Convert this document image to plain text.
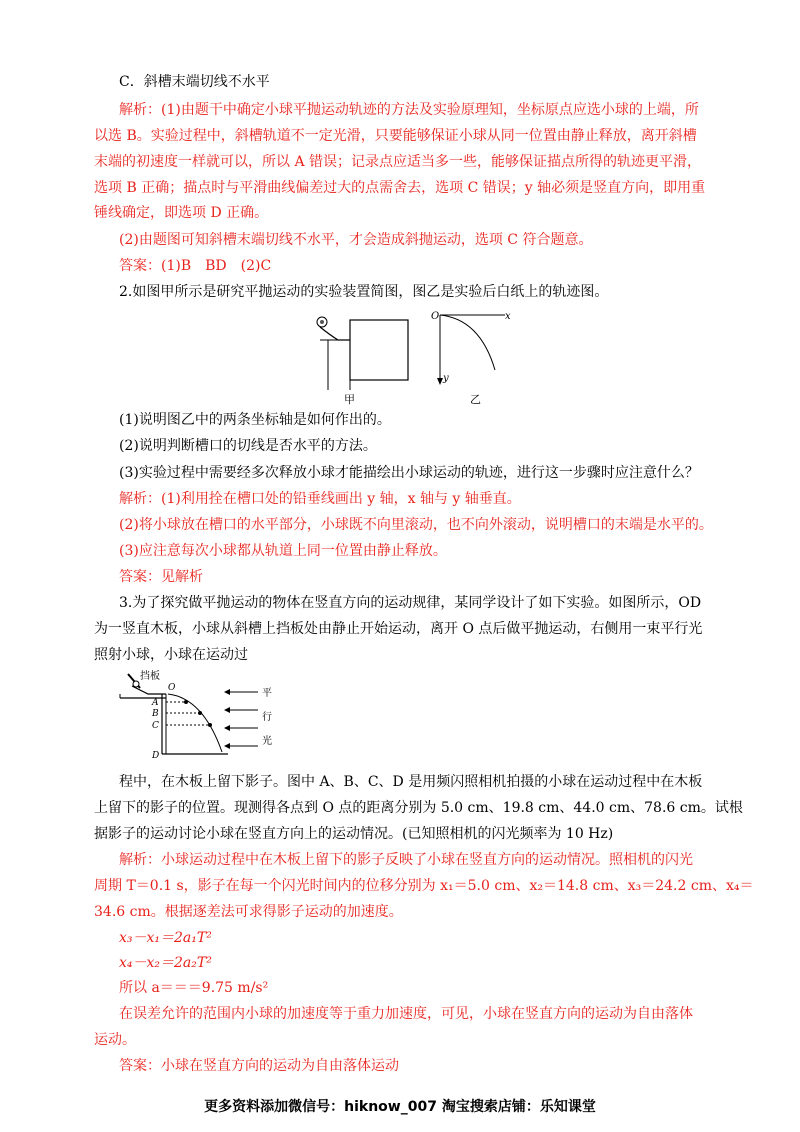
C．斜槽末端切线不水平
解析：(1)由题干中确定小球平抛运动轨迹的方法及实验原理知，坐标原点应选小球的上端，所
以选 B。实验过程中，斜槽轨道不一定光滑，只要能够保证小球从同一位置由静止释放，离开斜槽
末端的初速度一样就可以，所以 A 错误；记录点应适当多一些，能够保证描点所得的轨迹更平滑，
选项 B 正确；描点时与平滑曲线偏差过大的点需舍去，选项 C 错误；y 轴必须是竖直方向，即用重
锤线确定，即选项 D 正确。
(2)由题图可知斜槽末端切线不水平，才会造成斜抛运动，选项 C 符合题意。
答案：(1)B　BD　(2)C
2.如图甲所示是研究平抛运动的实验装置简图，图乙是实验后白纸上的轨迹图。
甲
O	x
y
乙
(1)说明图乙中的两条坐标轴是如何作出的。
(2)说明判断槽口的切线是否水平的方法。
(3)实验过程中需要经多次释放小球才能描绘出小球运动的轨迹，进行这一步骤时应注意什么？
解析：(1)利用拴在槽口处的铅垂线画出 y 轴，x 轴与 y 轴垂直。
(2)将小球放在槽口的水平部分，小球既不向里滚动，也不向外滚动，说明槽口的末端是水平的。
(3)应注意每次小球都从轨道上同一位置由静止释放。
答案：见解析
3.为了探究做平抛运动的物体在竖直方向的运动规律，某同学设计了如下实验。如图所示，OD
为一竖直木板，小球从斜槽上挡板处由静止开始运动，离开 O 点后做平抛运动，右侧用一束平行光
照射小球，小球在运动过
挡板
O
A
B
C
D
平
行
光
程中，在木板上留下影子。图中 A、B、C、D 是用频闪照相机拍摄的小球在运动过程中在木板
上留下的影子的位置。现测得各点到 O 点的距离分别为 5.0 cm、19.8 cm、44.0 cm、78.6 cm。试根
据影子的运动讨论小球在竖直方向上的运动情况。(已知照相机的闪光频率为 10 Hz)
解析：小球运动过程中在木板上留下的影子反映了小球在竖直方向的运动情况。照相机的闪光
周期 T＝0.1 s，影子在每一个闪光时间内的位移分别为 x₁＝5.0 cm、x₂＝14.8 cm、x₃＝24.2 cm、x₄＝
34.6 cm。根据逐差法可求得影子运动的加速度。
x₃－x₁＝2a₁T²
x₄－x₂＝2a₂T²
所以 a＝＝＝9.75 m/s²
在误差允许的范围内小球的加速度等于重力加速度，可见，小球在竖直方向的运动为自由落体
运动。
答案：小球在竖直方向的运动为自由落体运动
更多资料添加微信号：hiknow_007 淘宝搜索店铺：乐知课堂
